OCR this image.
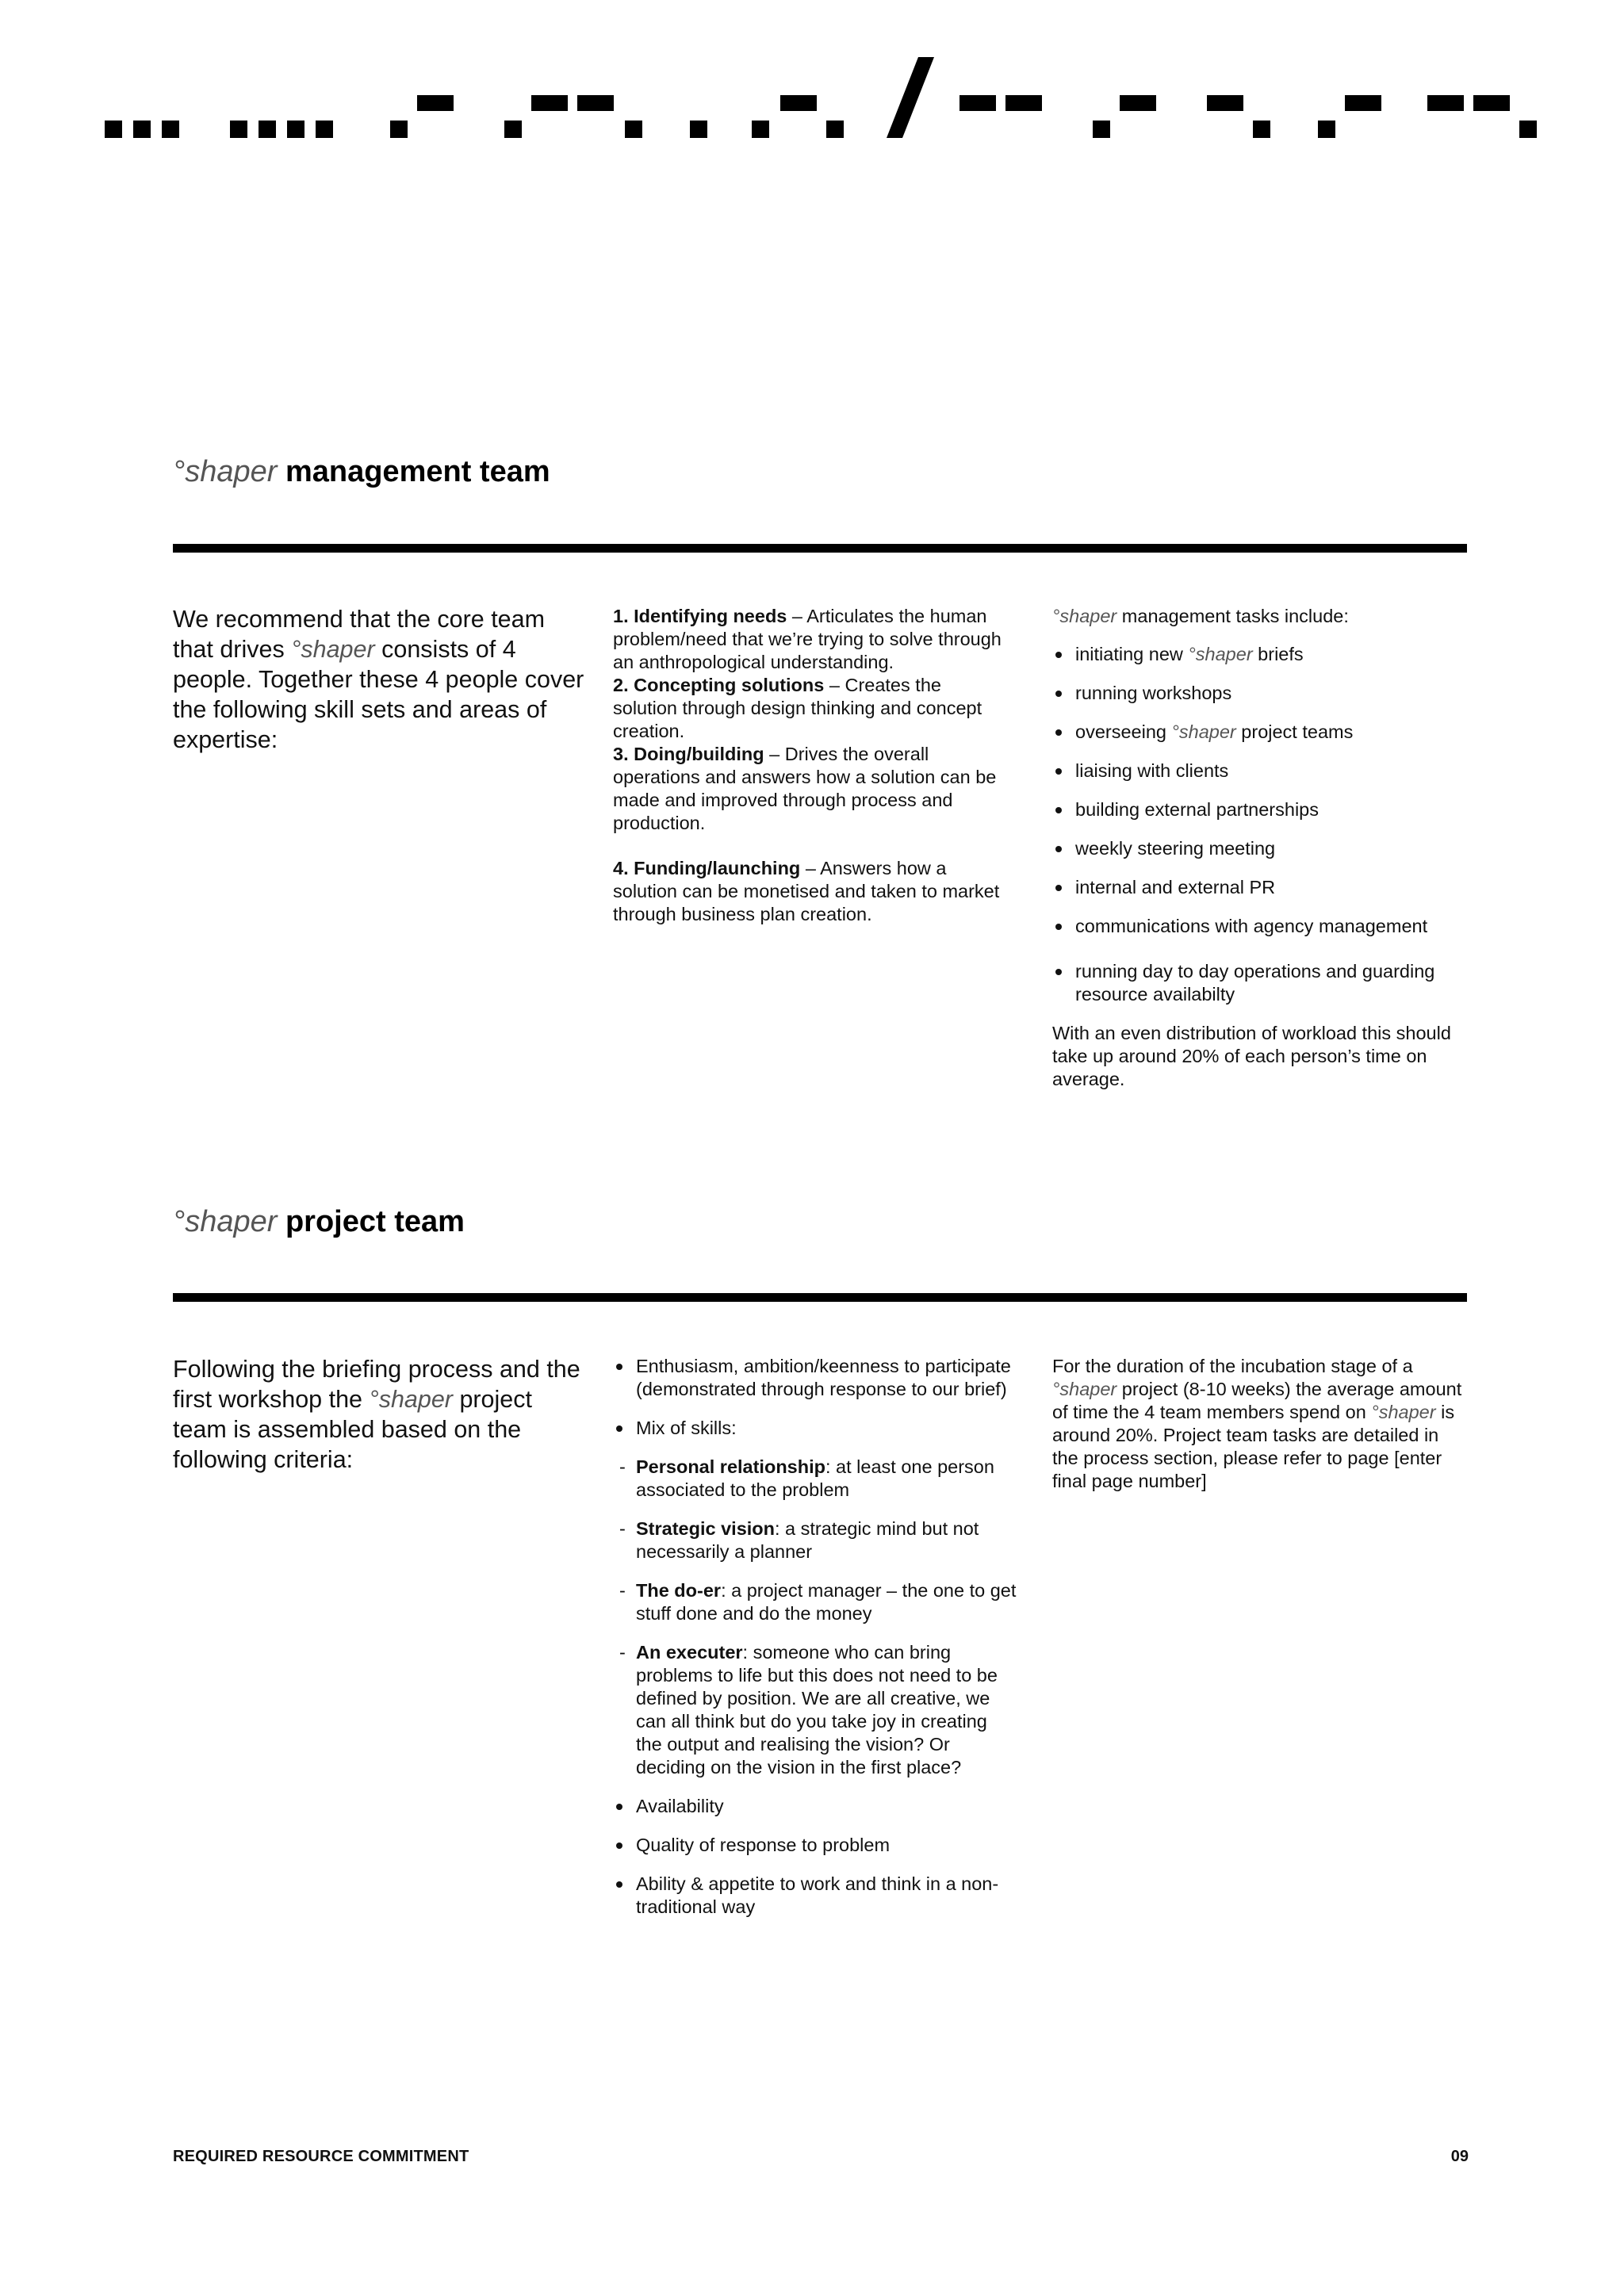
°shaper management team
We recommend that the core team that drives °shaper consists of 4 people. Together these 4 people cover the following skill sets and areas of expertise:

1. Identifying needs – Articulates the human problem/need that we’re trying to solve through an anthropological understanding.

2. Concepting solutions – Creates the solution through design thinking and concept creation.

3. Doing/building – Drives the overall operations and answers how a solution can be made and improved through process and production.

4. Funding/launching – Answers how a solution can be monetised and taken to market through business plan creation.

°shaper management tasks include:

initiating new °shaper briefs
running workshops
overseeing °shaper project teams
liaising with clients
building external partnerships
weekly steering meeting
internal and external PR
communications with agency management
running day to day operations and guarding resource availabilty

With an even distribution of workload this should take up around 20% of each person’s time on average.

°shaper project team
Following the briefing process and the first workshop the °shaper project team is assembled based on the following criteria:
Enthusiasm, ambition/keenness to participate (demonstrated through response to our brief)
Mix of skills:
- Personal relationship: at least one person associated to the problem
- Strategic vision: a strategic mind but not necessarily a planner
- The do-er: a project manager – the one to get stuff done and do the money
- An executer: someone who can bring problems to life but this does not need to be defined by position. We are all creative, we can all think but do you take joy in creating the output and realising the vision? Or deciding on the vision in the first place?
Availability
Quality of response to problem
Ability & appetite to work and think in a non-traditional way

For the duration of the incubation stage of a °shaper project (8-10 weeks) the average amount of time the 4 team members spend on °shaper is around 20%. Project team tasks are detailed in the process section, please refer to page [enter final page number]

REQUIRED RESOURCE COMMITMENT	09
